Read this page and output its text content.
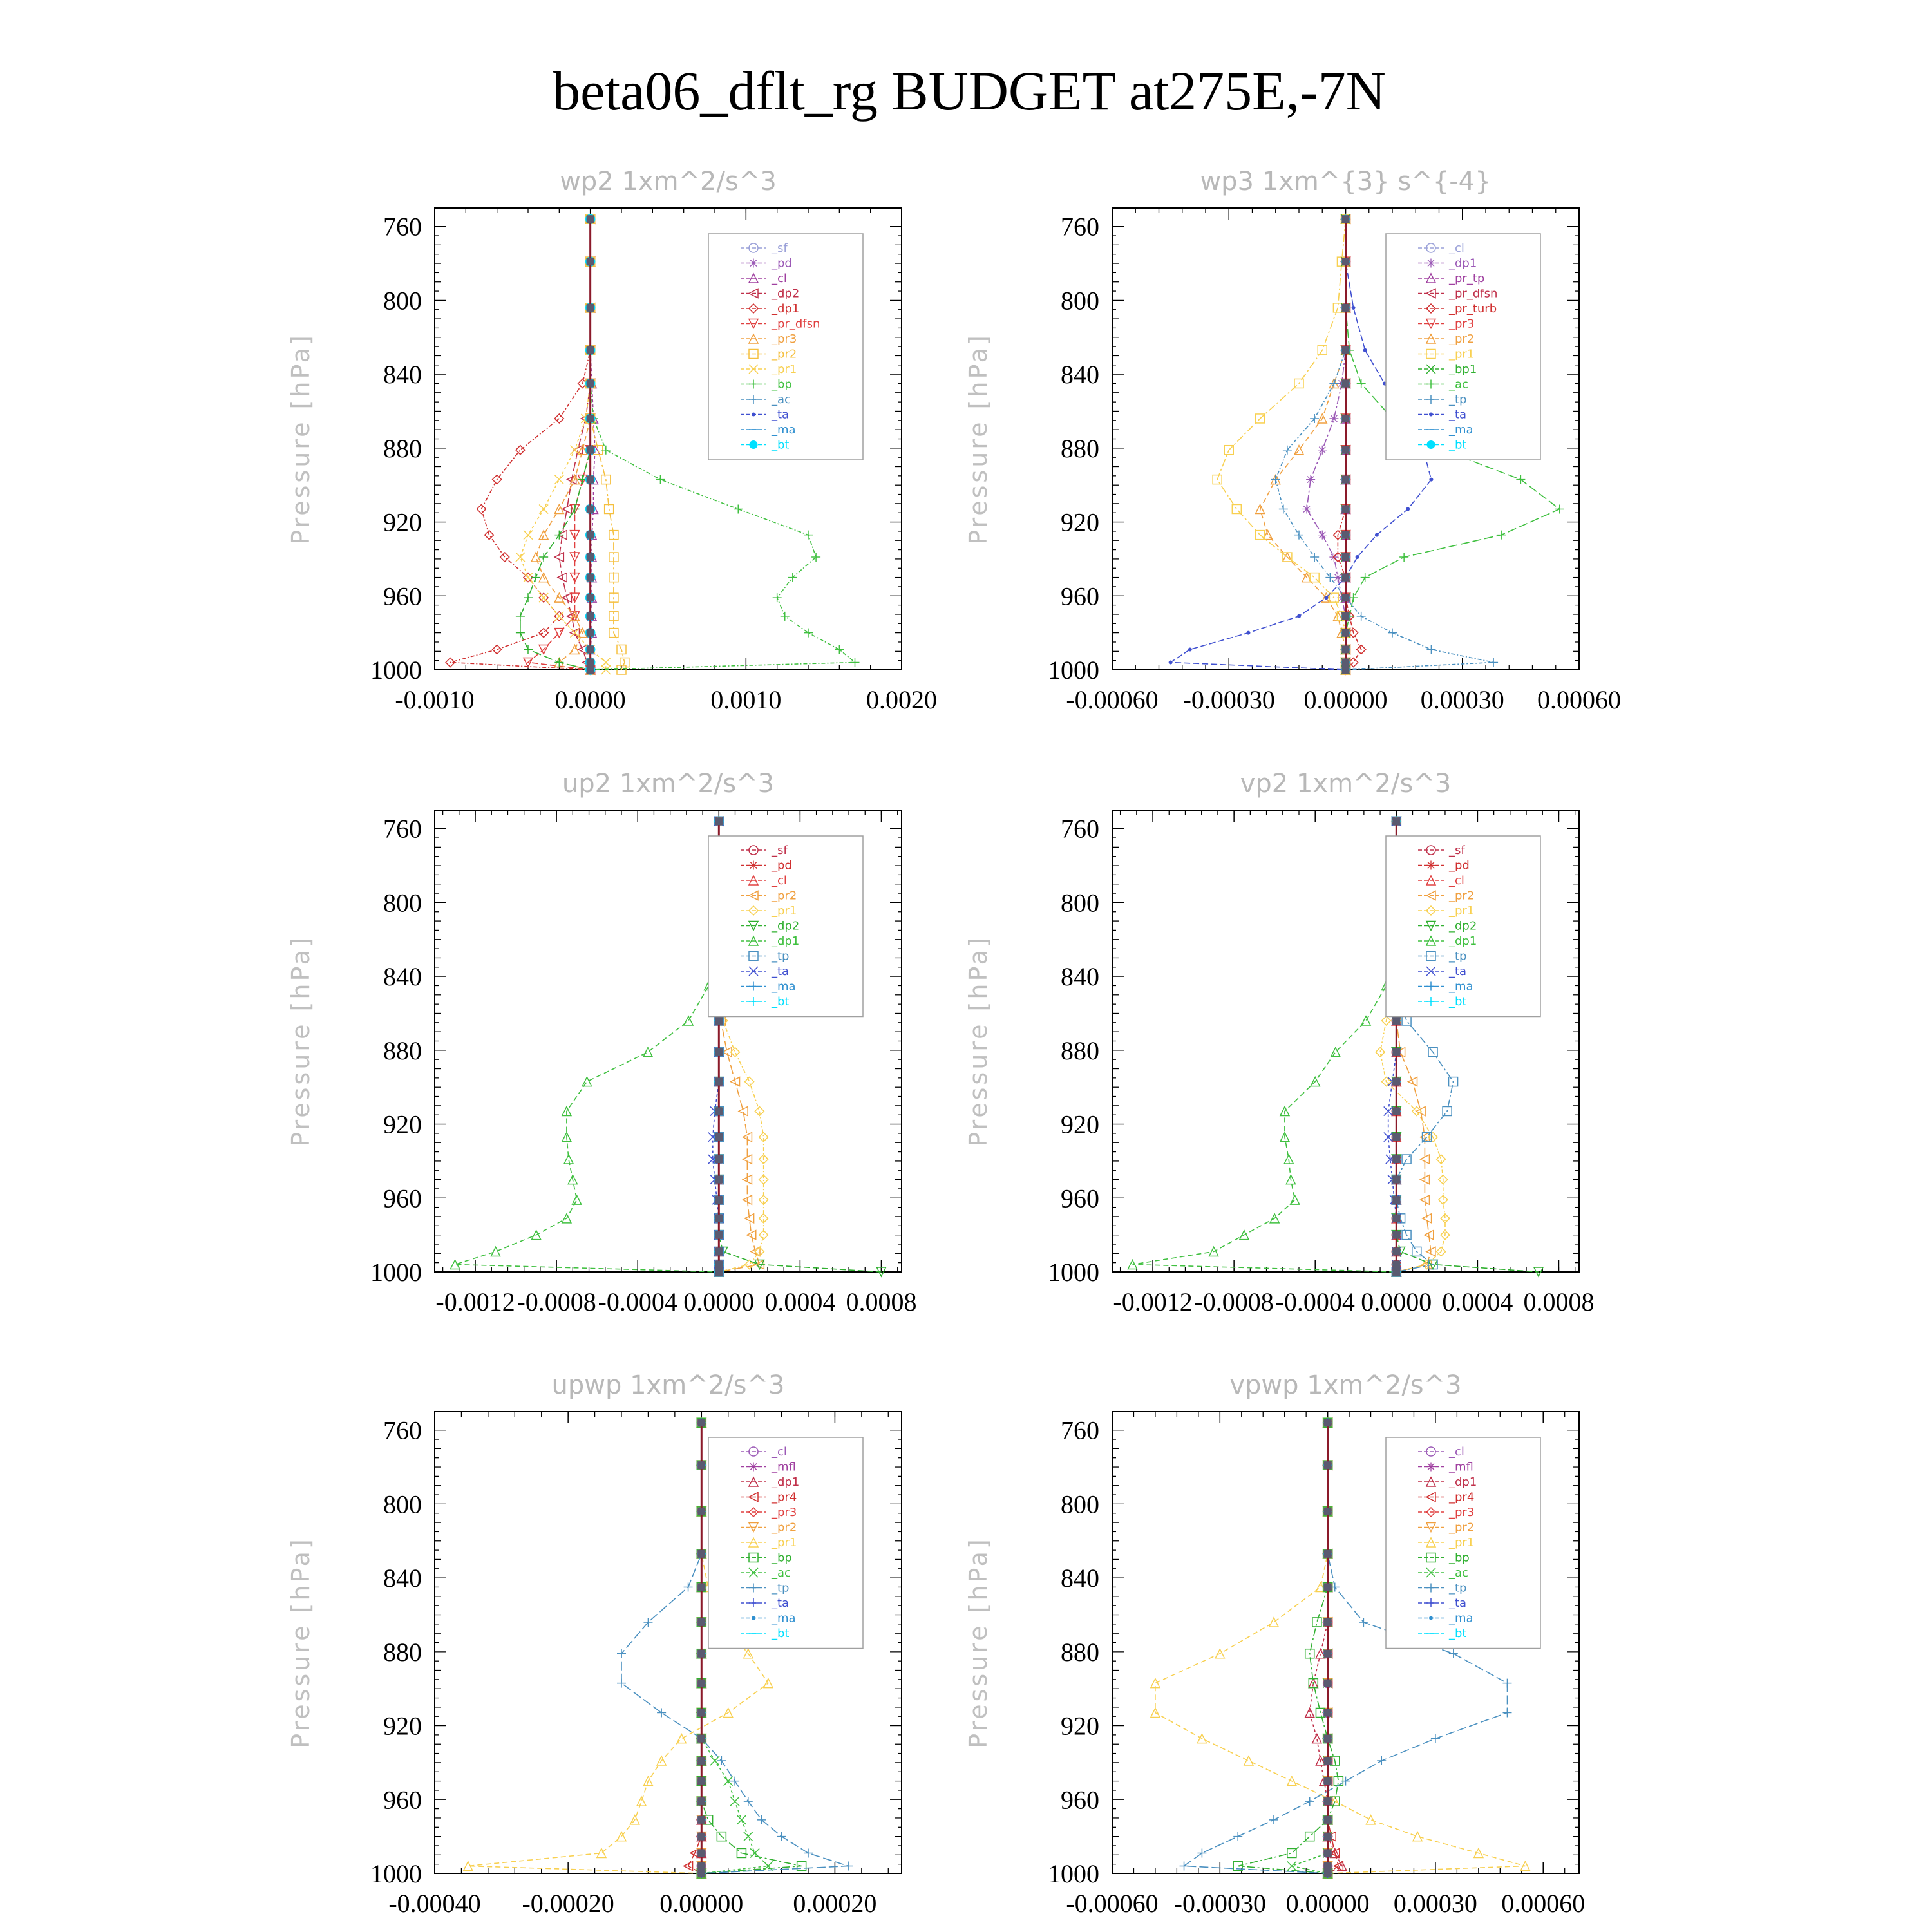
beta06_dflt_rg BUDGET at275E,-7N
wp2 1xm^2/s^3
Pressure [hPa]
760
800
840
880
920
960
1000
-0.0010	0.0000	0.0010	0.0020
_sf
_pd
_cl
_dp2
_dp1
_pr_dfsn
_pr3
_pr2
_pr1
_bp
_ac
_ta
_ma
_bt
wp3 1xm^{3} s^{-4}
Pressure [hPa]
760
800
840
880
920
960
1000
-0.00060 -0.00030 0.00000 0.00030 0.00060
_cl
_dp1
_pr_tp
_pr_dfsn
_pr_turb
_pr3
_pr2
_pr1
_bp1
_ac
_tp
_ta
_ma
_bt
up2 1xm^2/s^3
Pressure [hPa]
760
800
840
880
920
960
1000
-0.0012 -0.0008 -0.0004 0.0000 0.0004 0.0008
_sf
_pd
_cl
_pr2
_pr1
_dp2
_dp1
_tp
_ta
_ma
_bt
vp2 1xm^2/s^3
Pressure [hPa]
760
800
840
880
920
960
1000
-0.0012 -0.0008 -0.0004 0.0000 0.0004 0.0008
_sf
_pd
_cl
_pr2
_pr1
_dp2
_dp1
_tp
_ta
_ma
_bt
upwp 1xm^2/s^3
Pressure [hPa]
760
800
840
880
920
960
1000
-0.00040 -0.00020 0.00000 0.00020
_cl
_mfl
_dp1
_pr4
_pr3
_pr2
_pr1
_bp
_ac
_tp
_ta
_ma
_bt
vpwp 1xm^2/s^3
Pressure [hPa]
760
800
840
880
920
960
1000
-0.00060 -0.00030 0.00000 0.00030 0.00060
_cl
_mfl
_dp1
_pr4
_pr3
_pr2
_pr1
_bp
_ac
_tp
_ta
_ma
_bt
